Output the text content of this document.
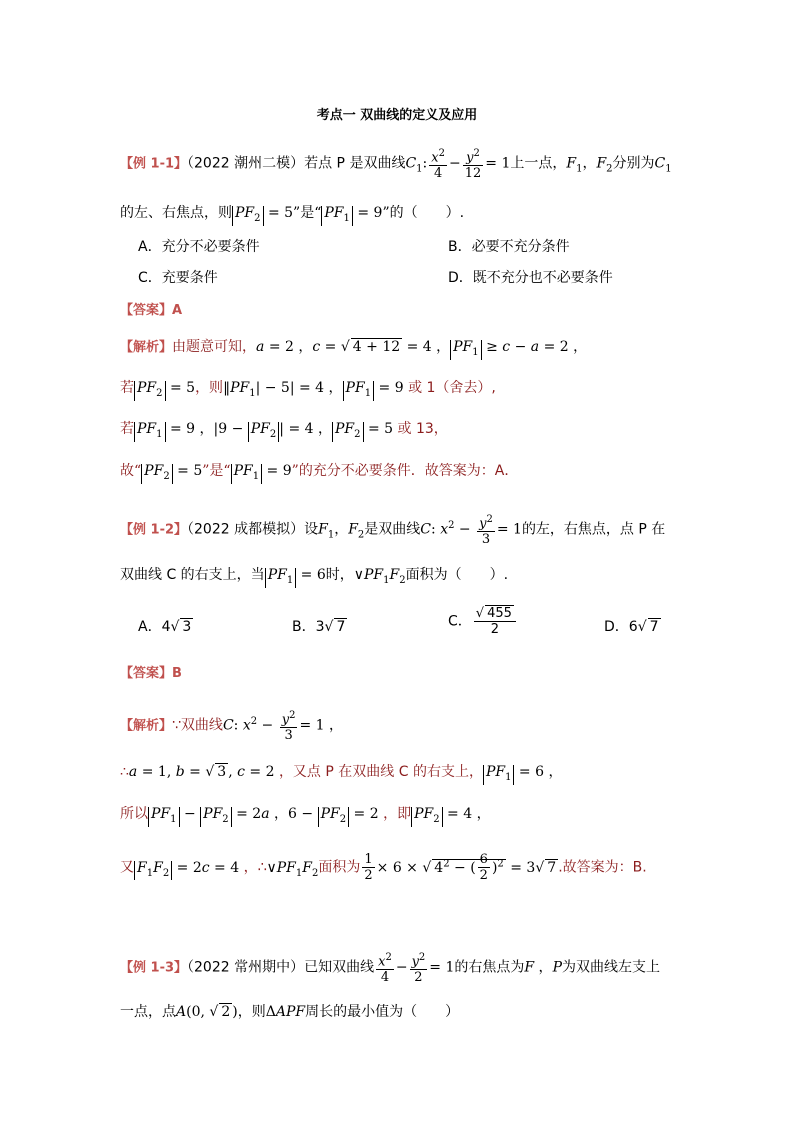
考点一 双曲线的定义及应用
【例 1-1】（2022 潮州二模）若点 P 是双曲线$C_1$: $\frac{x^2}{4} - \frac{y^2}{12} = 1$上一点，$F_1$，$F_2$分别为$C_1$
的左、右焦点，则 $PF_2 = 5$”是“ $PF_1 = 9$”的（　　）.
A．充分不必要条件	B．必要不充分条件
C．充要条件	D．既不充分也不必要条件
【答案】A
【解析】由题意可知，a = 2 ，c = √ 4 + 12 = 4 ， $PF_1 \ge c - a = 2$ ，
若 $PF_2 = 5$，则$‖PF_1| - 5| = 4$ ， $PF_1 = 9$ 或 1（舍去）,
若 $PF_1 = 9$ ，$|9 - PF_2$ | = 4 ， $PF_2 = 5$ 或 13，
故“ $PF_2 = 5$”是“ $PF_1 = 9$”的充分不必要条件．故答案为：A．
【例 1-2】（2022 成都模拟）设$F_1$，$F_2$是双曲线C: $x^2 - \frac{y^2}{3} = 1$的左，右焦点，点 P 在
双曲线 C 的右支上，当 $PF_1 = 6$时，$\vee PF_1F_2$面积为（　　）.
A．4√ 3	B．3√ 7	C． $\frac{√ 455}{2}$	D．6√ 7
【答案】B
【解析】∵双曲线C: $x^2 - \frac{y^2}{3} = 1$ ，
∴a = 1, b = √ 3 , c = 2 ，又点 P 在双曲线 C 的右支上， $PF_1 = 6$ ，
所以 $PF_1 - PF_2 = 2a$ ，$6 - PF_2 = 2$ ，即 $PF_2 = 4$ ，
又 $F_1F_2 = 2c = 4$ ，$\therefore\vee PF_1F_2$面积为 $\frac{1}{2} \times 6$ × √ $4^2$ − ( $\frac{6}{2} )^2 = 3√$ 7 .故答案为：B.
【例 1-3】（2022 常州期中）已知双曲线 $\frac{x^2}{4} - \frac{y^2}{2} = 1$的右焦点为F ，P为双曲线左支上
一点，点A(0, √ 2 )，则ΔAPF周长的最小值为（　　）
